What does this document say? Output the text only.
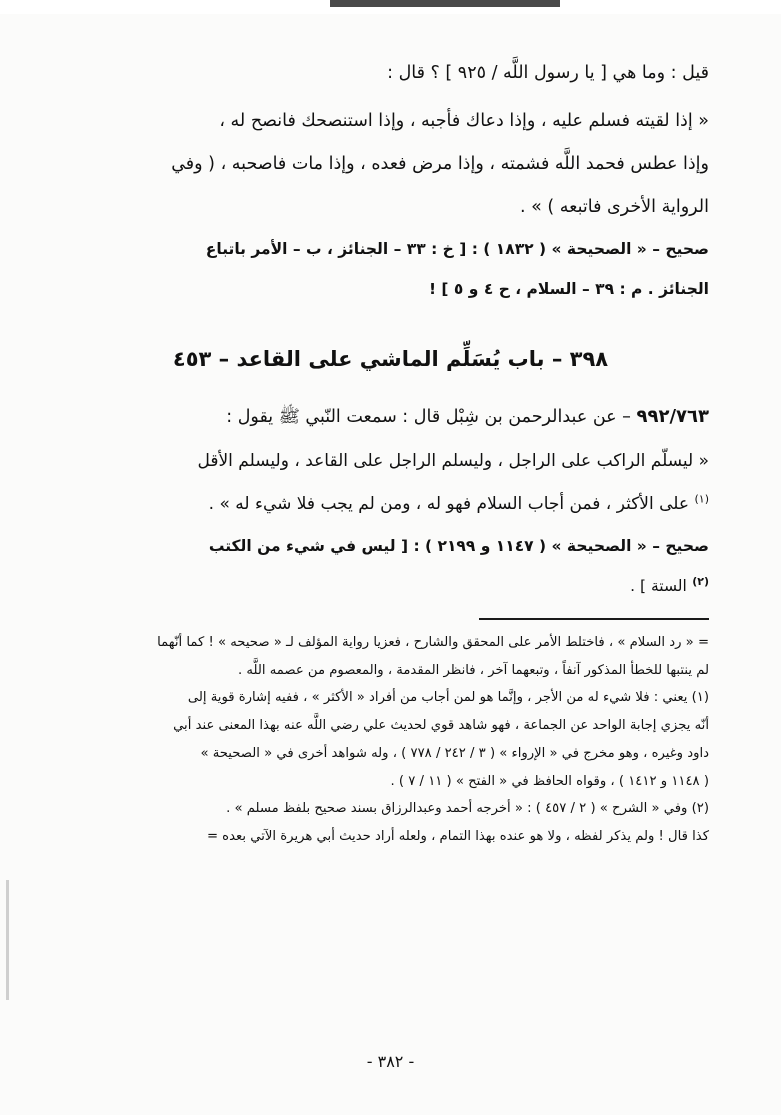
قيل : وما هي [ يا رسول اللَّه / ٩٢٥ ] ؟ قال :

« إذا لقيته فسلم عليه ، وإذا دعاك فأجبه ، وإذا استنصحك فانصح له ،

وإذا عطس فحمد اللَّه فشمته ، وإذا مرض فعده ، وإذا مات فاصحبه ، ( وفي

الرواية الأخرى فاتبعه ) » .

صحيح – « الصحيحة » ( ١٨٣٢ ) : [ خ : ٣٣ – الجنائز ، ب – الأمر باتباع

الجنائز . م : ٣٩ – السلام ، ح ٤ و ٥ ] !

٣٩٨ – باب يُسَلِّم الماشي على القاعد – ٤٥٣

٩٩٢/٧٦٣ – عن عبدالرحمن بن شِبْل قال : سمعت النّبي ﷺ يقول :

« ليسلّم الراكب على الراجل ، وليسلم الراجل على القاعد ، وليسلم الأقل

$^{(١)}$ على الأكثر ، فمن أجاب السلام فهو له ، ومن لم يجب فلا شيء له » .

صحيح – « الصحيحة » ( ١١٤٧ و ٢١٩٩ ) : [ ليس في شيء من الكتب

$^{(٢)}$ الستة ] .

= « رد السلام » ، فاختلط الأمر على المحقق والشارح ، فعزيا رواية المؤلف لـ « صحيحه » ! كما أنّهما

لم ينتبها للخطأ المذكور آنفاً ، وتبعهما آخر ، فانظر المقدمة ، والمعصوم من عصمه اللَّه .

(١) يعني : فلا شيء له من الأجر ، وإنَّما هو لمن أجاب من أفراد « الأكثر » ، ففيه إشارة قوية إلى

أنّه يجزي إجابة الواحد عن الجماعة ، فهو شاهد قوي لحديث علي رضي اللَّه عنه بهذا المعنى عند أبي

داود وغيره ، وهو مخرج في « الإرواء » ( ٣ / ٢٤٢ / ٧٧٨ ) ، وله شواهد أخرى في « الصحيحة »

( ١١٤٨ و ١٤١٢ ) ، وقواه الحافظ في « الفتح » ( ١١ / ٧ ) .

(٢) وفي « الشرح » ( ٢ / ٤٥٧ ) : « أخرجه أحمد وعبدالرزاق بسند صحيح بلفظ مسلم » .

كذا قال ! ولم يذكر لفظه ، ولا هو عنده بهذا التمام ، ولعله أراد حديث أبي هريرة الآتي بعده =

- ٣٨٢ -
